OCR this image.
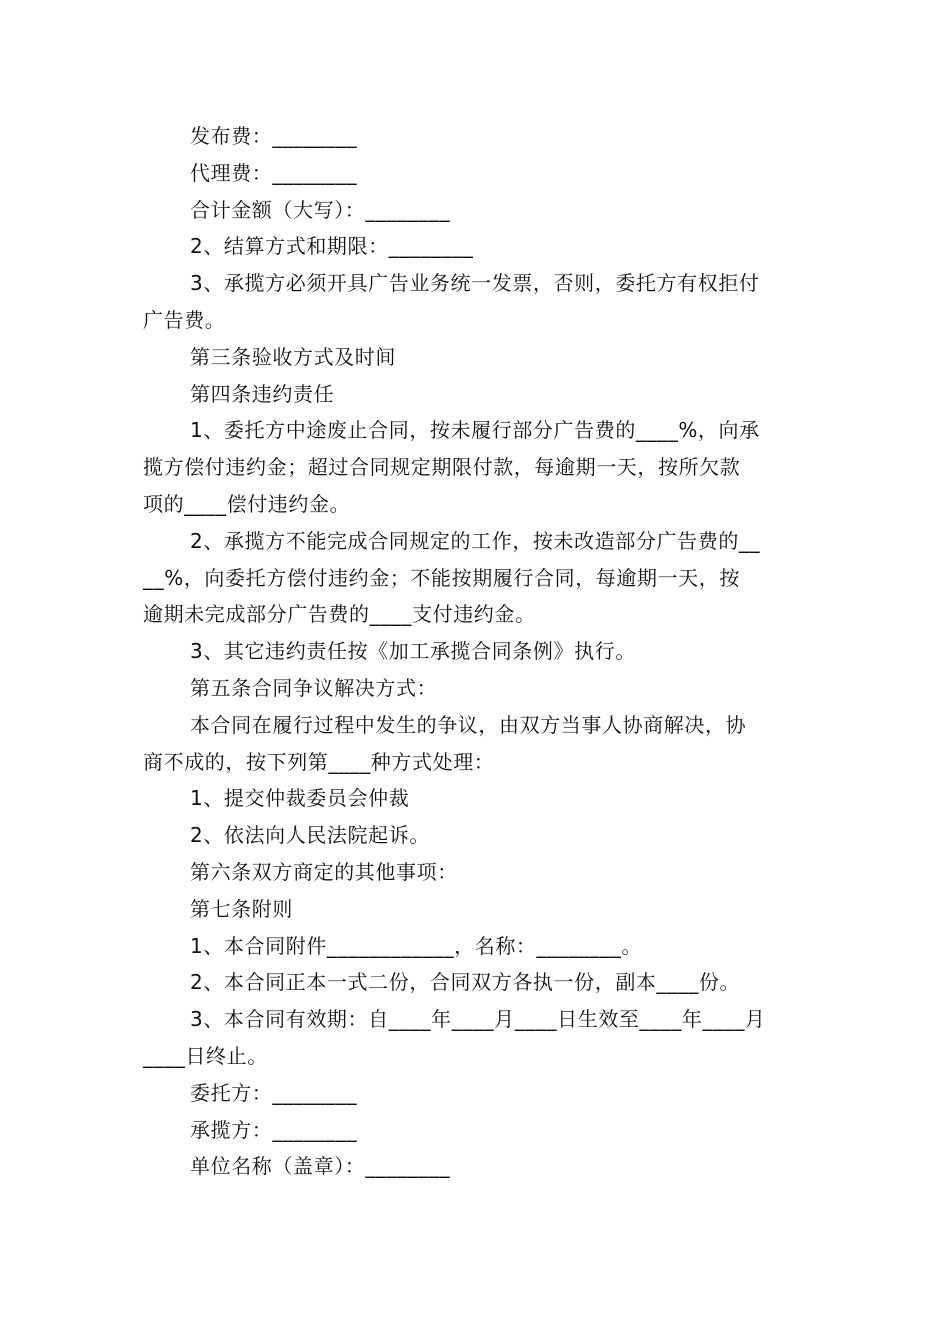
发布费：________
代理费：________
合计金额（大写）：________
2、结算方式和期限：________
3、承揽方必须开具广告业务统一发票，否则，委托方有权拒付
广告费。
第三条验收方式及时间
第四条违约责任
1、委托方中途废止合同，按未履行部分广告费的____%，向承
揽方偿付违约金；超过合同规定期限付款，每逾期一天，按所欠款
项的____偿付违约金。
2、承揽方不能完成合同规定的工作，按未改造部分广告费的__
__%，向委托方偿付违约金；不能按期履行合同，每逾期一天，按
逾期未完成部分广告费的____支付违约金。
3、其它违约责任按《加工承揽合同条例》执行。
第五条合同争议解决方式：
本合同在履行过程中发生的争议，由双方当事人协商解决，协
商不成的，按下列第____种方式处理：
1、提交仲裁委员会仲裁
2、依法向人民法院起诉。
第六条双方商定的其他事项：
第七条附则
1、本合同附件____________，名称：________。
2、本合同正本一式二份，合同双方各执一份，副本____份。
3、本合同有效期：自____年____月____日生效至____年____月
____日终止。
委托方：________
承揽方：________
单位名称（盖章）：________
